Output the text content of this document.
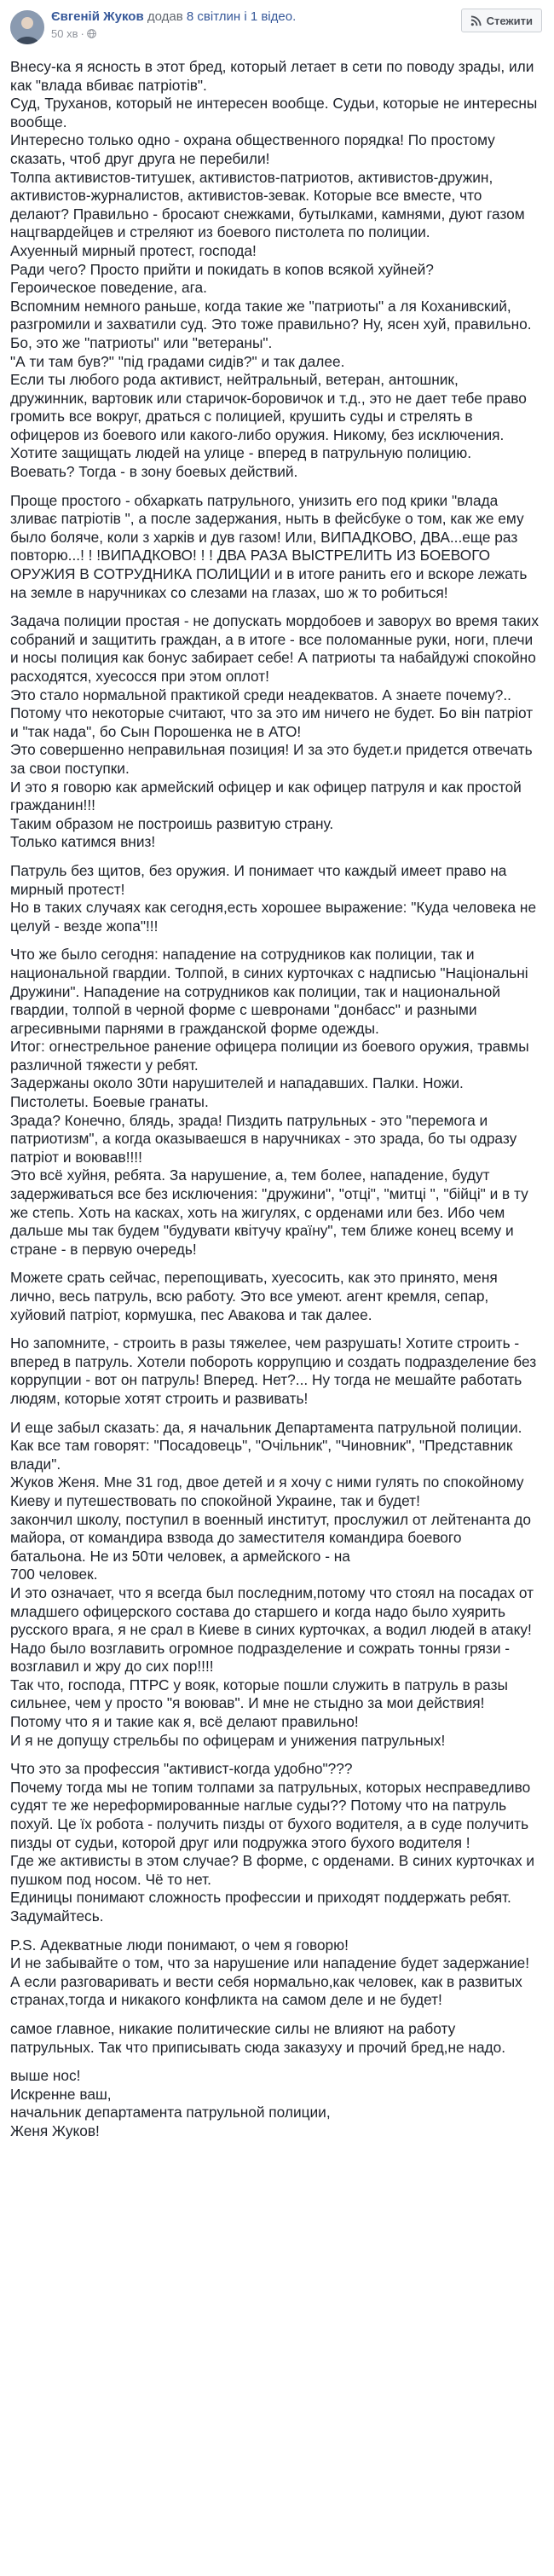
Євгеній Жуков додав 8 світлин і 1 відео.
50 хв ·
Стежити

Внесу-ка я ясность в этот бред, который летает в сети по поводу зрады, или как "влада вбиває патріотів".
Суд, Труханов, который не интересен вообще. Судьи, которые не интересны вообще.
Интересно только одно - охрана общественного порядка! По простому сказать, чтоб друг друга не перебили!
Толпа активистов-титушек, активистов-патриотов, активистов-дружин, активистов-журналистов, активистов-зевак. Которые все вместе, что делают? Правильно - бросают снежками, бутылками, камнями, дуют газом нацгвардейцев и стреляют из боевого пистолета по полиции.
Ахуенный мирный протест, господа!
Ради чего? Просто прийти и покидать в копов всякой хуйней?
Героическое поведение, ага.
Вспомним немного раньше, когда такие же "патриоты" а ля Коханивский, разгромили и захватили суд. Это тоже правильно? Ну, ясен хуй, правильно.
Бо, это же "патриоты" или "ветераны".
"А ти там був?" "під градами сидів?" и так далее.
Если ты любого рода активист, нейтральный, ветеран, антошник, дружинник, вартовик или старичок-боровичок и т.д., это не дает тебе право громить все вокруг, драться с полицией, крушить суды и стрелять в офицеров из боевого или какого-либо оружия. Никому, без исключения.
Хотите защищать людей на улице - вперед в патрульную полицию. Воевать? Тогда - в зону боевых действий.

Проще простого - обхаркать патрульного, унизить его под крики "влада зливає патріотів ", а после задержания, ныть в фейсбуке о том, как же ему было боляче, коли з харків и дув газом! Или, ВИПАДКОВО, ДВА...еще раз повторю...! ! !ВИПАДКОВО! ! ! ДВА РАЗА ВЫСТРЕЛИТЬ ИЗ БОЕВОГО ОРУЖИЯ В СОТРУДНИКА ПОЛИЦИИ и в итоге ранить его и вскоре лежать на земле в наручниках со слезами на глазах, шо ж то робиться!

Задача полиции простая - не допускать мордобоев и заворух во время таких собраний и защитить граждан, а в итоге - все поломанные руки, ноги, плечи и носы полиция как бонус забирает себе! А патриоты та набайдужі спокойно расходятся, хуесосся при этом оплот!
Это стало нормальной практикой среди неадекватов. А знаете почему?.. Потому что некоторые считают, что за это им ничего не будет. Бо він патріот и "так нада", бо Сын Порошенка не в АТО!
Это совершенно неправильная позиция! И за это будет.и придется отвечать за свои поступки.
И это я говорю как армейский офицер и как офицер патруля и как простой гражданин!!!
Таким образом не построишь развитую страну.
Только катимся вниз!

Патруль без щитов, без оружия. И понимает что каждый имеет право на мирный протест!
Но в таких случаях как сегодня,есть хорошее выражение: "Куда человека не целуй - везде жопа"!!!

Что же было сегодня: нападение на сотрудников как полиции, так и национальной гвардии. Толпой, в синих курточках с надписью "Національні Дружини". Нападение на сотрудников как полиции, так и национальной гвардии, толпой в черной форме с шевронами "донбасс" и разными агресивными парнями в гражданской форме одежды.
Итог: огнестрельное ранение офицера полиции из боевого оружия, травмы различной тяжести у ребят.
Задержаны около 30ти нарушителей и нападавших. Палки. Ножи. Пистолеты. Боевые гранаты.
Зрада? Конечно, блядь, зрада! Пиздить патрульных - это "перемога и патриотизм", а когда оказываешся в наручниках - это зрада, бо ты одразу патріот и воював!!!!
Это всё хуйня, ребята. За нарушение, а, тем более, нападение, будут задерживаться все без исключения: "дружини", "отці", "митці ", "бійці" и в ту же степь. Хоть на касках, хоть на жигулях, с орденами или без. Ибо чем дальше мы так будем "будувати квітучу країну", тем ближе конец всему и стране - в первую очередь!

Можете срать сейчас, перепощивать, хуесосить, как это принято, меня лично, весь патруль, всю работу. Это все умеют. агент кремля, сепар, хуйовий патріот, кормушка, пес Авакова и так далее.

Но запомните, - строить в разы тяжелее, чем разрушать! Хотите строить - вперед в патруль. Хотели побороть коррупцию и создать подразделение без коррупции - вот он патруль! Вперед. Нет?... Ну тогда не мешайте работать людям, которые хотят строить и развивать!

И еще забыл сказать: да, я начальник Департамента патрульной полиции. Как все там говорят: "Посадовець", "Очільник", "Чиновник", "Представник влади".
Жуков Женя. Мне 31 год, двое детей и я хочу с ними гулять по спокойному Киеву и путешествовать по спокойной Украине, так и будет!
закончил школу, поступил в военный институт, прослужил от лейтенанта до майора, от командира взвода до заместителя командира боевого батальона. Не из 50ти человек, а армейского - на
700 человек.
И это означает, что я всегда был последним,потому что стоял на посадах от младшего офицерского состава до старшего и когда надо было хуярить русского врага, я не срал в Киеве в синих курточках, а водил людей в атаку! Надо было возглавить огромное подразделение и сожрать тонны грязи - возглавил и жру до сих пор!!!!
Так что, господа, ПТРС у вояк, которые пошли служить в патруль в разы сильнее, чем у просто "я воював". И мне не стыдно за мои действия! Потому что я и такие как я, всё делают правильно!
И я не допущу стрельбы по офицерам и унижения патрульных!

Что это за профессия "активист-когда удобно"???
Почему тогда мы не топим толпами за патрульных, которых несправедливо судят те же нереформированные наглые суды?? Потому что на патруль похуй. Це їх робота - получить пизды от бухого водителя, а в суде получить пизды от судьи, которой друг или подружка этого бухого водителя !
Где же активисты в этом случае? В форме, с орденами. В синих курточках и пушком под носом. Чё то нет.
Единицы понимают сложность профессии и приходят поддержать ребят.
Задумайтесь.

P.S. Адекватные люди понимают, о чем я говорю!
И не забывайте о том, что за нарушение или нападение будет задержание! А если разговаривать и вести себя нормально,как человек, как в развитых странах,тогда и никакого конфликта на самом деле и не будет!

самое главное, никакие политические силы не влияют на работу патрульных. Так что приписывать сюда заказуху и прочий бред,не надо.

выше нос!
Искренне ваш,
начальник департамента патрульной полиции,
Женя Жуков!
